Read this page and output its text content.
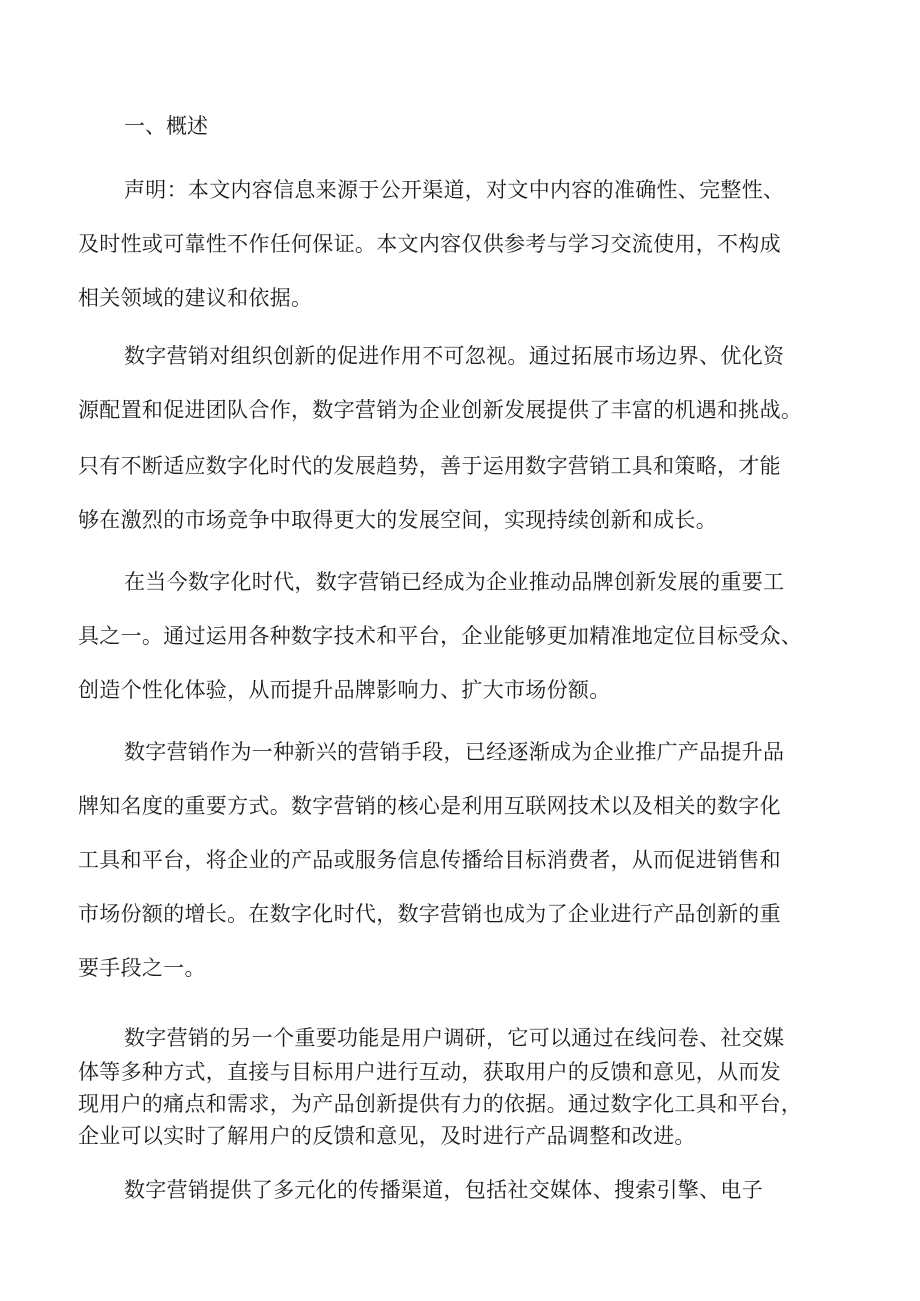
一、概述
声明：本文内容信息来源于公开渠道，对文中内容的准确性、完整性、
及时性或可靠性不作任何保证。本文内容仅供参考与学习交流使用，不构成
相关领域的建议和依据。
数字营销对组织创新的促进作用不可忽视。通过拓展市场边界、优化资
源配置和促进团队合作，数字营销为企业创新发展提供了丰富的机遇和挑战。
只有不断适应数字化时代的发展趋势，善于运用数字营销工具和策略，才能
够在激烈的市场竞争中取得更大的发展空间，实现持续创新和成长。
在当今数字化时代，数字营销已经成为企业推动品牌创新发展的重要工
具之一。通过运用各种数字技术和平台，企业能够更加精准地定位目标受众、
创造个性化体验，从而提升品牌影响力、扩大市场份额。
数字营销作为一种新兴的营销手段，已经逐渐成为企业推广产品提升品
牌知名度的重要方式。数字营销的核心是利用互联网技术以及相关的数字化
工具和平台，将企业的产品或服务信息传播给目标消费者，从而促进销售和
市场份额的增长。在数字化时代，数字营销也成为了企业进行产品创新的重
要手段之一。
数字营销的另一个重要功能是用户调研，它可以通过在线问卷、社交媒
体等多种方式，直接与目标用户进行互动，获取用户的反馈和意见，从而发
现用户的痛点和需求，为产品创新提供有力的依据。通过数字化工具和平台，
企业可以实时了解用户的反馈和意见，及时进行产品调整和改进。
数字营销提供了多元化的传播渠道，包括社交媒体、搜索引擎、电子
